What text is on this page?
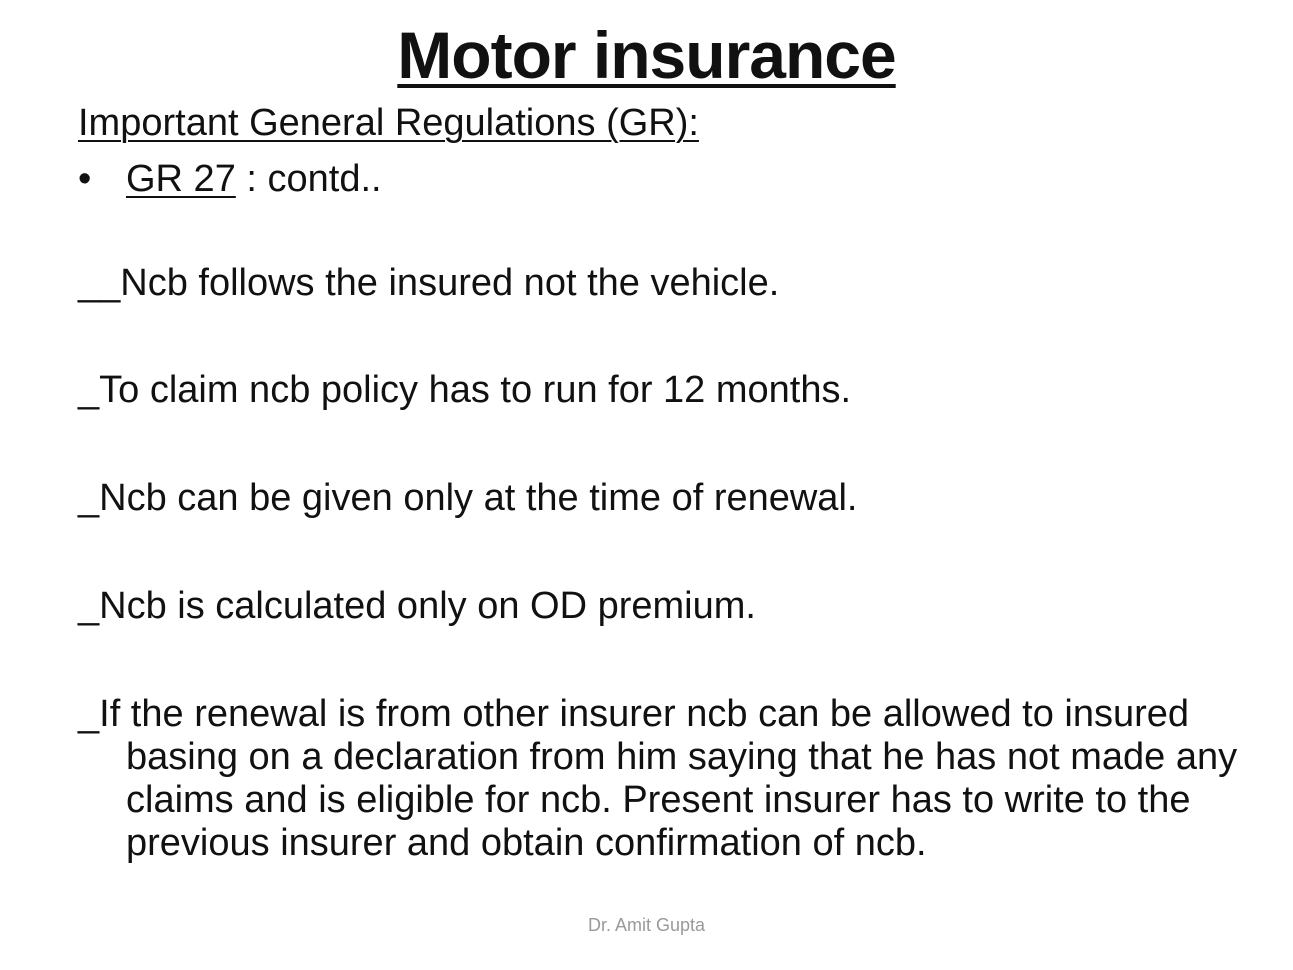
Motor insurance
Important General Regulations (GR):
• GR 27 : contd..
__Ncb follows the insured not the vehicle.
_To claim ncb policy has to run for 12 months.
_Ncb can be given only at the time of renewal.
_Ncb is calculated only on OD premium.
_If the renewal is from other insurer ncb can be allowed to insured basing on a declaration from him saying that he has not made any claims and is eligible for ncb. Present insurer has to write to the previous insurer and obtain confirmation of ncb.
Dr. Amit Gupta
